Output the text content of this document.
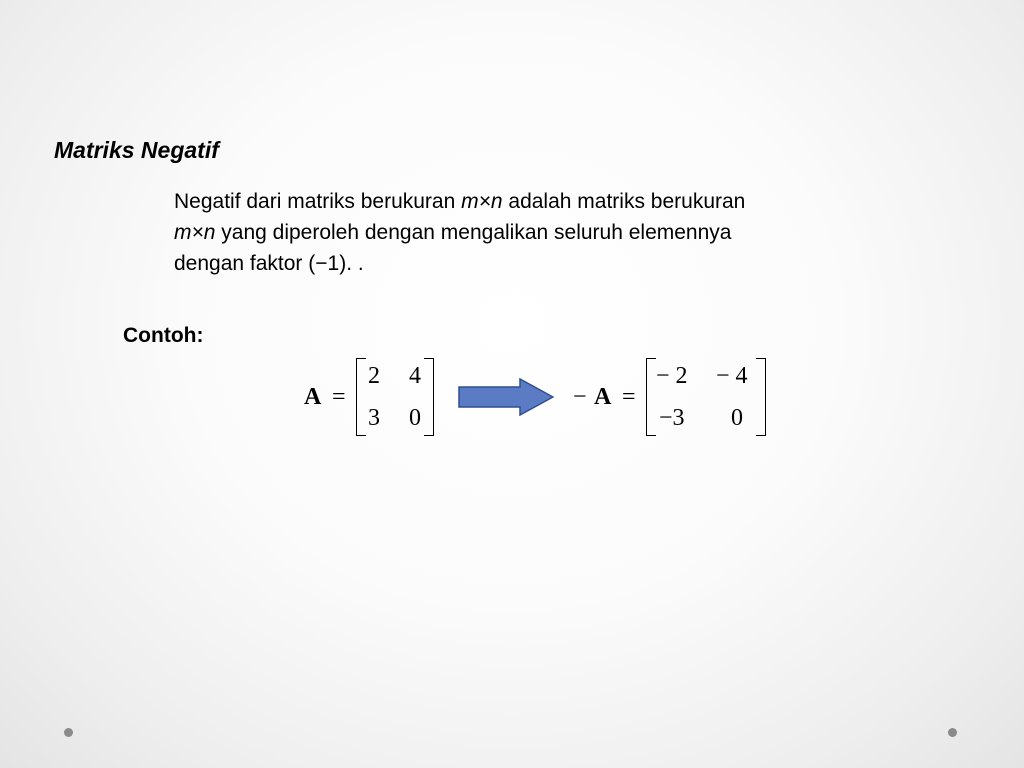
Matriks Negatif
Negatif dari matriks berukuran m×n adalah matriks berukuran
m×n yang diperoleh dengan mengalikan seluruh elemennya
dengan faktor (−1). .
Contoh:
A =
2 4
3 0
− A =
− 2 − 4
−3 0
